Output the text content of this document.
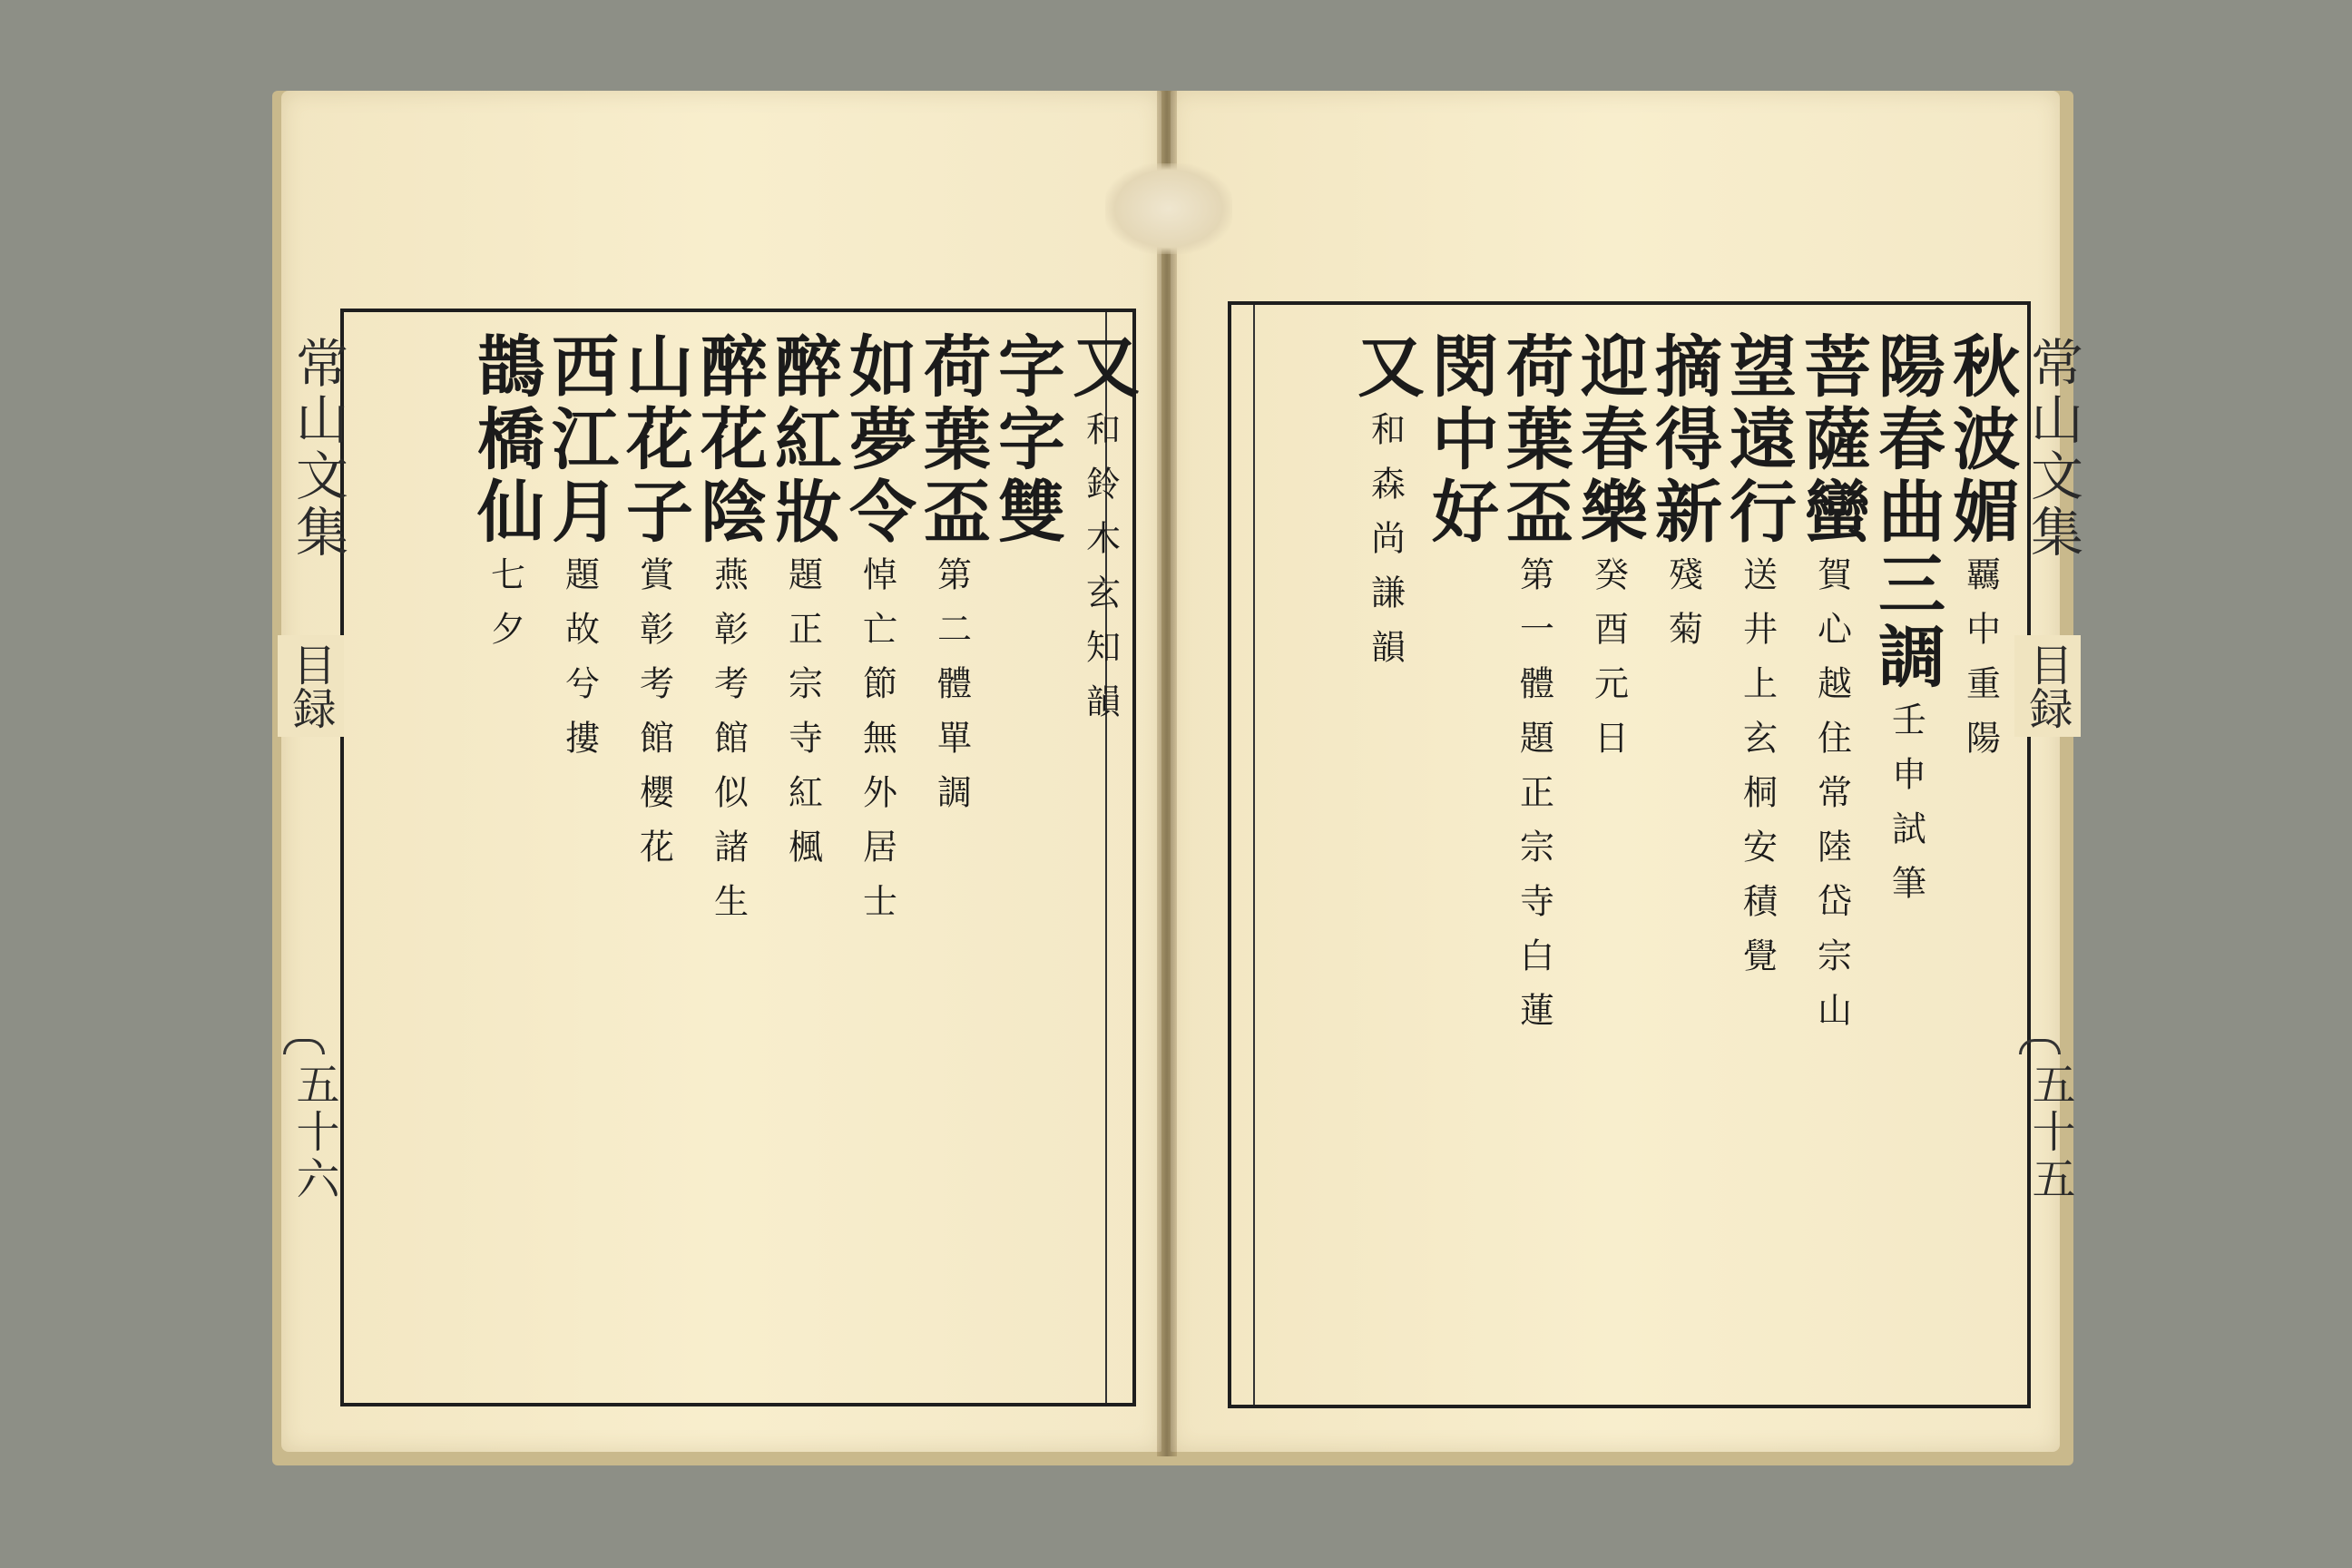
常山文集
目録
五十六
又
和鈴木玄知韻
字字雙
荷葉盃
第二體單調
如夢令
悼亡節無外居士
醉紅妝
題正宗寺紅楓
醉花陰
燕彰考館似諸生
山花子
賞彰考館櫻花
西江月
題故兮摟
鵲橋仙
七夕
常山文集
目録
五十五
秋波媚
覊中重陽
陽春曲三調
壬申試筆
菩薩蠻
賀心越住常陸岱宗山
望遠行
送井上玄桐安積覺
摘得新
殘菊
迎春樂
癸酉元日
荷葉盃
第一體題正宗寺白蓮
閔中好
又
和森尚謙韻
